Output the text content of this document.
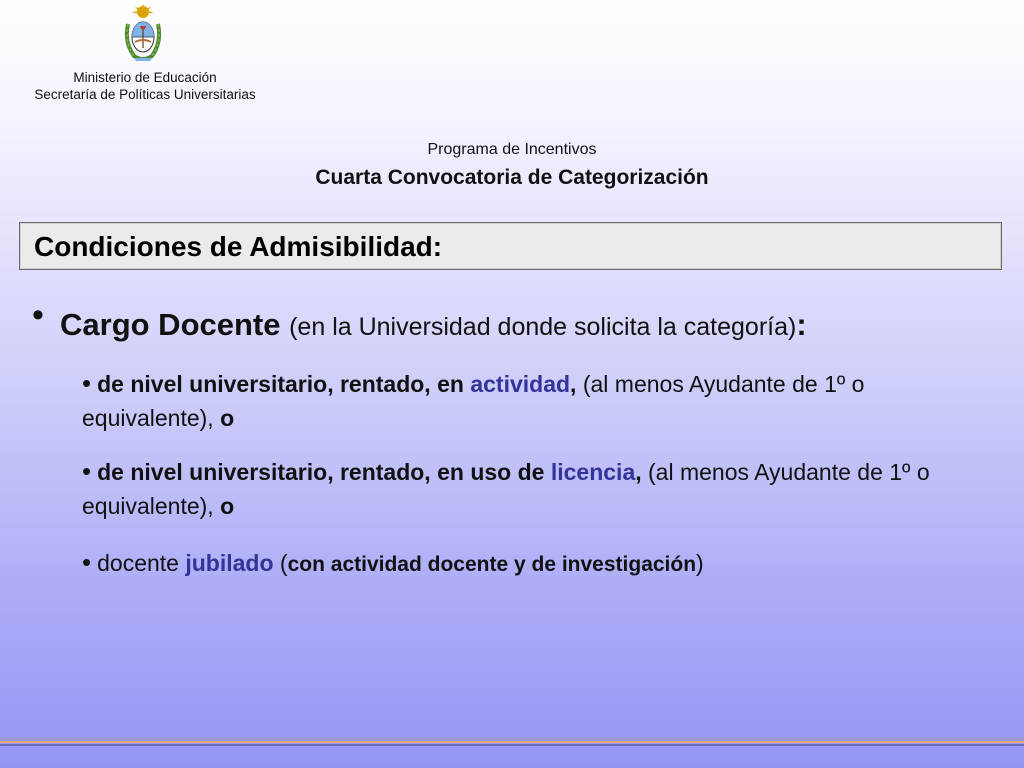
Ministerio de Educación
Secretaría de Políticas Universitarias
Programa de Incentivos
Cuarta Convocatoria de Categorización
Condiciones de Admisibilidad:
• Cargo Docente (en la Universidad donde solicita la categoría):
• de nivel universitario, rentado, en actividad, (al menos Ayudante de 1º o equivalente), o
• de nivel universitario, rentado, en uso de licencia, (al menos Ayudante de 1º o equivalente), o
• docente jubilado (con actividad docente y de investigación)
